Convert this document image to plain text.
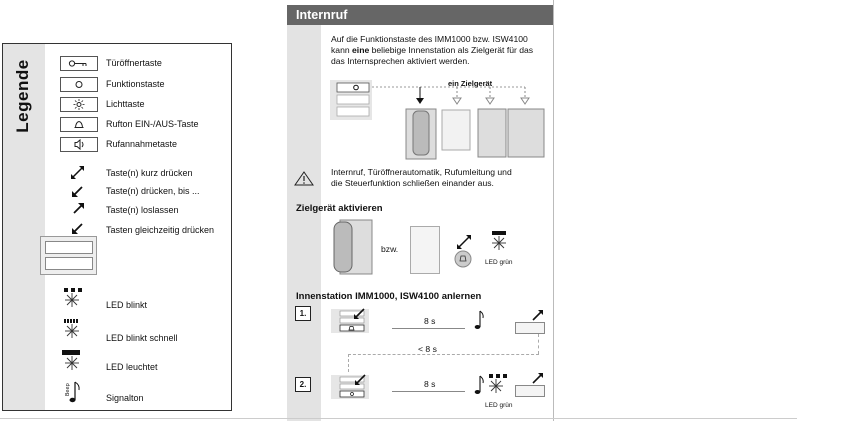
Legende	Türöffnertaste
Funktionstaste
Lichttaste
Rufton EIN-/AUS-Taste
Rufannahmetaste
Taste(n) kurz drücken
Taste(n) drücken, bis ...
Taste(n) loslassen
Tasten gleichzeitig drücken
LED blinkt
LED blinkt schnell
LED leuchtet
Beep
Signalton
Internruf
Auf die Funktionstaste des IMM1000 bzw. ISW4100
kann eine beliebige Innenstation als Zielgerät für das
das Internsprechen aktiviert werden.
ein Zielgerät
Internruf, Türöffnerautomatik, Rufumleitung und
die Steuerfunktion schließen einander aus.
Zielgerät aktivieren
bzw.
LED grün
Innenstation IMM1000, ISW4100 anlernen
1.
8 s
< 8 s
2.	8 s
LED grün
